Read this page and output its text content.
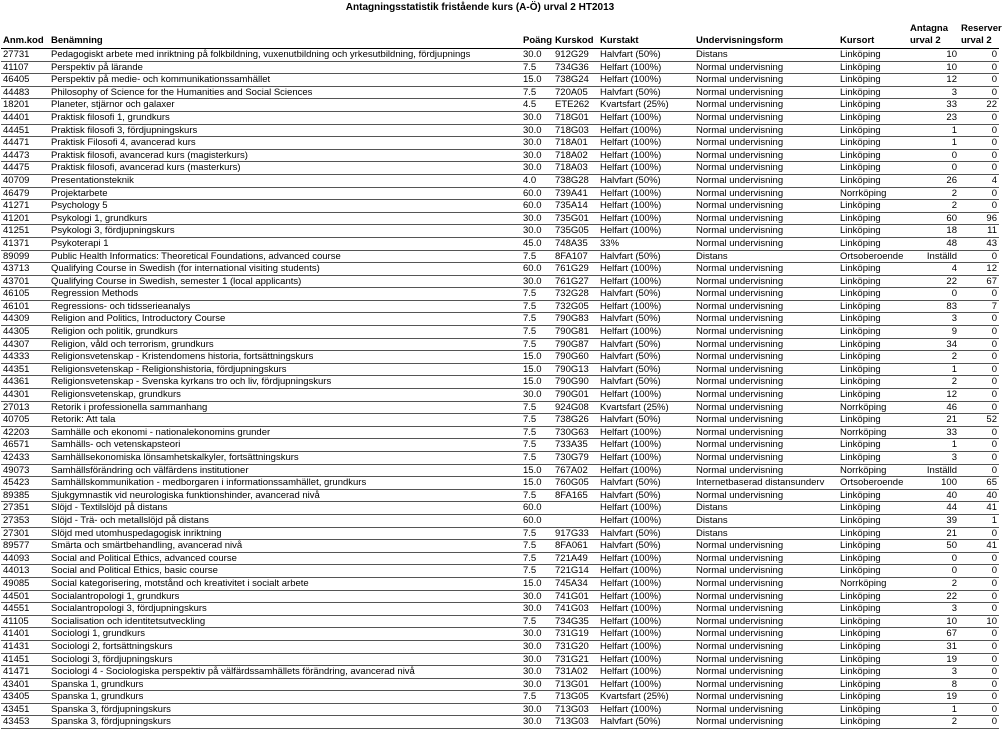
Antagningsstatistik fristående kurs (A-Ö) urval 2 HT2013
Anm.kod	Benämning	Poäng	Kurskod	Kurstakt	Undervisningsform	Kursort	Antagna urval 2	Reserver urval 2
27731	Pedagogiskt arbete med inriktning på folkbildning, vuxenutbildning och yrkesutbildning, fördjupnings	30.0	912G29	Halvfart (50%)	Distans	Linköping	10	0
41107	Perspektiv på lärande	7.5	734G36	Helfart (100%)	Normal undervisning	Linköping	10	0
46405	Perspektiv på medie- och kommunikationssamhället	15.0	738G24	Helfart (100%)	Normal undervisning	Linköping	12	0
44483	Philosophy of Science for the Humanities and Social Sciences	7.5	720A05	Halvfart (50%)	Normal undervisning	Linköping	3	0
18201	Planeter, stjärnor och galaxer	4.5	ETE262	Kvartsfart (25%)	Normal undervisning	Linköping	33	22
44401	Praktisk filosofi 1, grundkurs	30.0	718G01	Helfart (100%)	Normal undervisning	Linköping	23	0
44451	Praktisk filosofi 3, fördjupningskurs	30.0	718G03	Helfart (100%)	Normal undervisning	Linköping	1	0
44471	Praktisk Filosofi 4, avancerad kurs	30.0	718A01	Helfart (100%)	Normal undervisning	Linköping	1	0
44473	Praktisk filosofi, avancerad kurs (magisterkurs)	30.0	718A02	Helfart (100%)	Normal undervisning	Linköping	0	0
44475	Praktisk filosofi, avancerad kurs (masterkurs)	30.0	718A03	Helfart (100%)	Normal undervisning	Linköping	0	0
40709	Presentationsteknik	4.0	738G28	Halvfart (50%)	Normal undervisning	Linköping	26	4
46479	Projektarbete	60.0	739A41	Helfart (100%)	Normal undervisning	Norrköping	2	0
41271	Psychology 5	60.0	735A14	Helfart (100%)	Normal undervisning	Linköping	2	0
41201	Psykologi 1, grundkurs	30.0	735G01	Helfart (100%)	Normal undervisning	Linköping	60	96
41251	Psykologi 3, fördjupningskurs	30.0	735G05	Helfart (100%)	Normal undervisning	Linköping	18	11
41371	Psykoterapi 1	45.0	748A35	33%	Normal undervisning	Linköping	48	43
89099	Public Health Informatics: Theoretical Foundations, advanced course	7.5	8FA107	Halvfart (50%)	Distans	Ortsoberoende	Inställd	0
43713	Qualifying Course in Swedish (for international visiting students)	60.0	761G29	Helfart (100%)	Normal undervisning	Linköping	4	12
43701	Qualifying Course in Swedish, semester 1 (local applicants)	30.0	761G27	Helfart (100%)	Normal undervisning	Linköping	22	67
46105	Regression Methods	7.5	732G28	Halvfart (50%)	Normal undervisning	Linköping	0	0
46101	Regressions- och tidsserieanalys	7.5	732G05	Helfart (100%)	Normal undervisning	Linköping	83	7
44309	Religion and Politics, Introductory Course	7.5	790G83	Halvfart (50%)	Normal undervisning	Linköping	3	0
44305	Religion och politik, grundkurs	7.5	790G81	Helfart (100%)	Normal undervisning	Linköping	9	0
44307	Religion, våld och terrorism, grundkurs	7.5	790G87	Halvfart (50%)	Normal undervisning	Linköping	34	0
44333	Religionsvetenskap - Kristendomens historia, fortsättningskurs	15.0	790G60	Halvfart (50%)	Normal undervisning	Linköping	2	0
44351	Religionsvetenskap - Religionshistoria, fördjupningskurs	15.0	790G13	Halvfart (50%)	Normal undervisning	Linköping	1	0
44361	Religionsvetenskap - Svenska kyrkans tro och liv, fördjupningskurs	15.0	790G90	Halvfart (50%)	Normal undervisning	Linköping	2	0
44301	Religionsvetenskap, grundkurs	30.0	790G01	Helfart (100%)	Normal undervisning	Linköping	12	0
27013	Retorik i professionella sammanhang	7.5	924G08	Kvartsfart (25%)	Normal undervisning	Norrköping	46	0
40705	Retorik: Att tala	7.5	738G26	Halvfart (50%)	Normal undervisning	Linköping	21	52
42203	Samhälle och ekonomi - nationalekonomins grunder	7.5	730G63	Helfart (100%)	Normal undervisning	Norrköping	33	0
46571	Samhälls- och vetenskapsteori	7.5	733A35	Helfart (100%)	Normal undervisning	Linköping	1	0
42433	Samhällsekonomiska lönsamhetskalkyler, fortsättningskurs	7.5	730G79	Helfart (100%)	Normal undervisning	Linköping	3	0
49073	Samhällsförändring och välfärdens institutioner	15.0	767A02	Helfart (100%)	Normal undervisning	Norrköping	Inställd	0
45423	Samhällskommunikation - medborgaren i informationssamhället, grundkurs	15.0	760G05	Halvfart (50%)	Internetbaserad distansunderv	Ortsoberoende	100	65
89385	Sjukgymnastik vid neurologiska funktionshinder, avancerad nivå	7.5	8FA165	Halvfart (50%)	Normal undervisning	Linköping	40	40
27351	Slöjd - Textilslöjd på distans	60.0		Helfart (100%)	Distans	Linköping	44	41
27353	Slöjd - Trä- och metallslöjd på distans	60.0		Helfart (100%)	Distans	Linköping	39	1
27301	Slöjd med utomhuspedagogisk inriktning	7.5	917G33	Halvfart (50%)	Distans	Linköping	21	0
89577	Smärta och smärtbehandling, avancerad nivå	7.5	8FA061	Halvfart (50%)	Normal undervisning	Linköping	50	41
44093	Social and Political Ethics, advanced course	7.5	721A49	Helfart (100%)	Normal undervisning	Linköping	0	0
44013	Social and Political Ethics, basic course	7.5	721G14	Helfart (100%)	Normal undervisning	Linköping	0	0
49085	Social kategorisering, motstånd och kreativitet i socialt arbete	15.0	745A34	Helfart (100%)	Normal undervisning	Norrköping	2	0
44501	Socialantropologi 1, grundkurs	30.0	741G01	Helfart (100%)	Normal undervisning	Linköping	22	0
44551	Socialantropologi 3, fördjupningskurs	30.0	741G03	Helfart (100%)	Normal undervisning	Linköping	3	0
41105	Socialisation och identitetsutveckling	7.5	734G35	Helfart (100%)	Normal undervisning	Linköping	10	10
41401	Sociologi 1, grundkurs	30.0	731G19	Helfart (100%)	Normal undervisning	Linköping	67	0
41431	Sociologi 2, fortsättningskurs	30.0	731G20	Helfart (100%)	Normal undervisning	Linköping	31	0
41451	Sociologi 3, fördjupningskurs	30.0	731G21	Helfart (100%)	Normal undervisning	Linköping	19	0
41471	Sociologi 4 - Sociologiska perspektiv på välfärdssamhällets förändring, avancerad nivå	30.0	731A02	Helfart (100%)	Normal undervisning	Linköping	3	0
43401	Spanska 1, grundkurs	30.0	713G01	Helfart (100%)	Normal undervisning	Linköping	8	0
43405	Spanska 1, grundkurs	7.5	713G05	Kvartsfart (25%)	Normal undervisning	Linköping	19	0
43451	Spanska 3, fördjupningskurs	30.0	713G03	Helfart (100%)	Normal undervisning	Linköping	1	0
43453	Spanska 3, fördjupningskurs	30.0	713G03	Halvfart (50%)	Normal undervisning	Linköping	2	0
